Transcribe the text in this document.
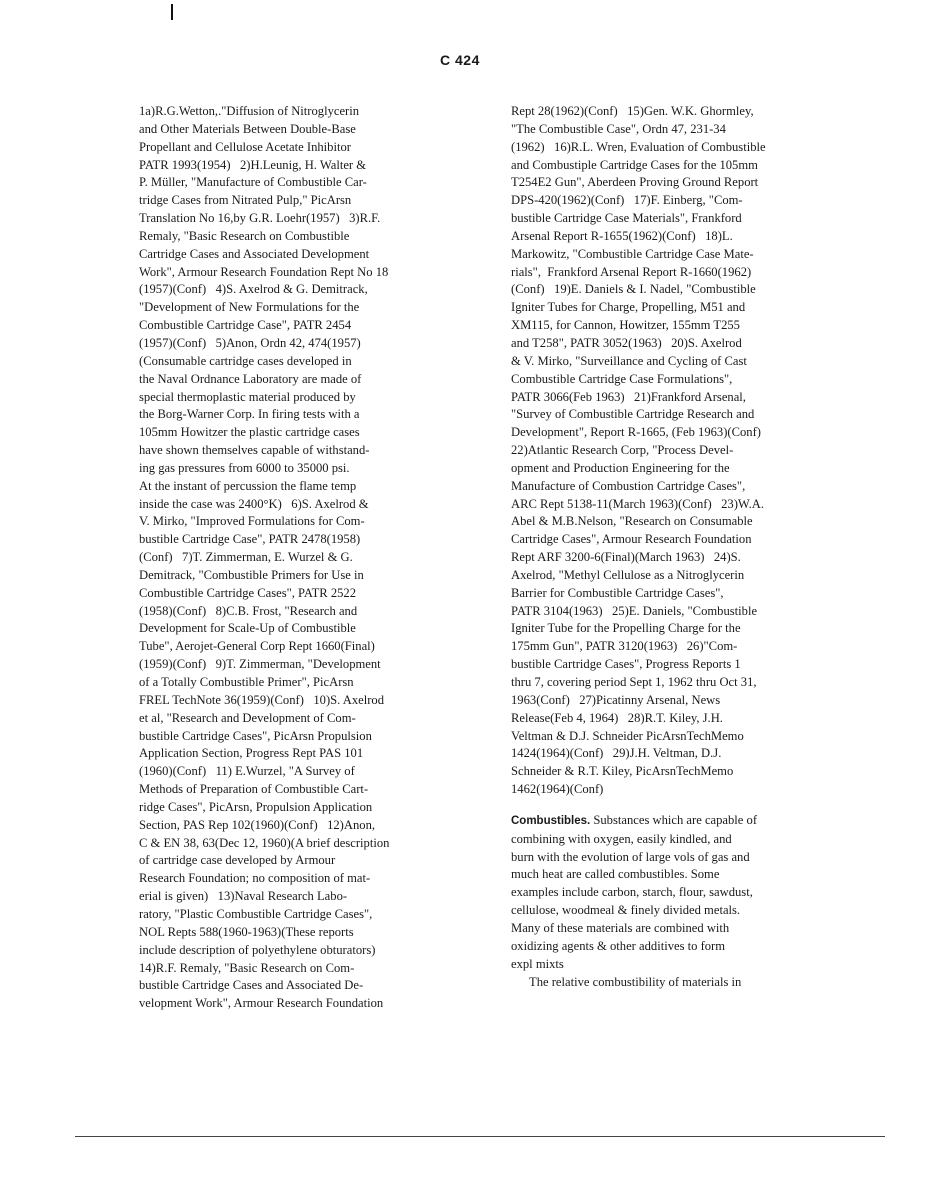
C 424
1a)R.G.Wetton,."Diffusion of Nitroglycerin
and Other Materials Between Double-Base
Propellant and Cellulose Acetate Inhibitor
PATR 1993(1954)   2)H.Leunig, H. Walter &
P. Müller, "Manufacture of Combustible Car-
tridge Cases from Nitrated Pulp," PicArsn
Translation No 16,by G.R. Loehr(1957)   3)R.F.
Remaly, "Basic Research on Combustible
Cartridge Cases and Associated Development
Work", Armour Research Foundation Rept No 18
(1957)(Conf)   4)S. Axelrod & G. Demitrack,
"Development of New Formulations for the
Combustible Cartridge Case", PATR 2454
(1957)(Conf)   5)Anon, Ordn 42, 474(1957)
(Consumable cartridge cases developed in
the Naval Ordnance Laboratory are made of
special thermoplastic material produced by
the Borg-Warner Corp. In firing tests with a
105mm Howitzer the plastic cartridge cases
have shown themselves capable of withstand-
ing gas pressures from 6000 to 35000 psi.
At the instant of percussion the flame temp
inside the case was 2400°K)   6)S. Axelrod &
V. Mirko, "Improved Formulations for Com-
bustible Cartridge Case", PATR 2478(1958)
(Conf)   7)T. Zimmerman, E. Wurzel & G.
Demitrack, "Combustible Primers for Use in
Combustible Cartridge Cases", PATR 2522
(1958)(Conf)   8)C.B. Frost, "Research and
Development for Scale-Up of Combustible
Tube", Aerojet-General Corp Rept 1660(Final)
(1959)(Conf)   9)T. Zimmerman, "Development
of a Totally Combustible Primer", PicArsn
FREL TechNote 36(1959)(Conf)   10)S. Axelrod
et al, "Research and Development of Com-
bustible Cartridge Cases", PicArsn Propulsion
Application Section, Progress Rept PAS 101
(1960)(Conf)   11) E.Wurzel, "A Survey of
Methods of Preparation of Combustible Cart-
ridge Cases", PicArsn, Propulsion Application
Section, PAS Rep 102(1960)(Conf)   12)Anon,
C & EN 38, 63(Dec 12, 1960)(A brief description
of cartridge case developed by Armour
Research Foundation; no composition of mat-
erial is given)   13)Naval Research Labo-
ratory, "Plastic Combustible Cartridge Cases",
NOL Repts 588(1960-1963)(These reports
include description of polyethylene obturators)
14)R.F. Remaly, "Basic Research on Com-
bustible Cartridge Cases and Associated De-
velopment Work", Armour Research Foundation
Rept 28(1962)(Conf)   15)Gen. W.K. Ghormley,
"The Combustible Case", Ordn 47, 231-34
(1962)   16)R.L. Wren, Evaluation of Combustible
and Combustiple Cartridge Cases for the 105mm
T254E2 Gun", Aberdeen Proving Ground Report
DPS-420(1962)(Conf)   17)F. Einberg, "Com-
bustible Cartridge Case Materials", Frankford
Arsenal Report R-1655(1962)(Conf)   18)L.
Markowitz, "Combustible Cartridge Case Mate-
rials",  Frankford Arsenal Report R-1660(1962)
(Conf)   19)E. Daniels & I. Nadel, "Combustible
Igniter Tubes for Charge, Propelling, M51 and
XM115, for Cannon, Howitzer, 155mm T255
and T258", PATR 3052(1963)   20)S. Axelrod
& V. Mirko, "Surveillance and Cycling of Cast
Combustible Cartridge Case Formulations",
PATR 3066(Feb 1963)   21)Frankford Arsenal,
"Survey of Combustible Cartridge Research and
Development", Report R-1665, (Feb 1963)(Conf)
22)Atlantic Research Corp, "Process Devel-
opment and Production Engineering for the
Manufacture of Combustion Cartridge Cases",
ARC Rept 5138-11(March 1963)(Conf)   23)W.A.
Abel & M.B.Nelson, "Research on Consumable
Cartridge Cases", Armour Research Foundation
Rept ARF 3200-6(Final)(March 1963)   24)S.
Axelrod, "Methyl Cellulose as a Nitroglycerin
Barrier for Combustible Cartridge Cases",
PATR 3104(1963)   25)E. Daniels, "Combustible
Igniter Tube for the Propelling Charge for the
175mm Gun", PATR 3120(1963)   26)"Com-
bustible Cartridge Cases", Progress Reports 1
thru 7, covering period Sept 1, 1962 thru Oct 31,
1963(Conf)   27)Picatinny Arsenal, News
Release(Feb 4, 1964)   28)R.T. Kiley, J.H.
Veltman & D.J. Schneider PicArsnTechMemo
1424(1964)(Conf)   29)J.H. Veltman, D.J.
Schneider & R.T. Kiley, PicArsnTechMemo
1462(1964)(Conf)
Combustibles. Substances which are capable of
combining with oxygen, easily kindled, and
burn with the evolution of large vols of gas and
much heat are called combustibles. Some
examples include carbon, starch, flour, sawdust,
cellulose, woodmeal & finely divided metals.
Many of these materials are combined with
oxidizing agents & other additives to form
expl mixts
The relative combustibility of materials in
